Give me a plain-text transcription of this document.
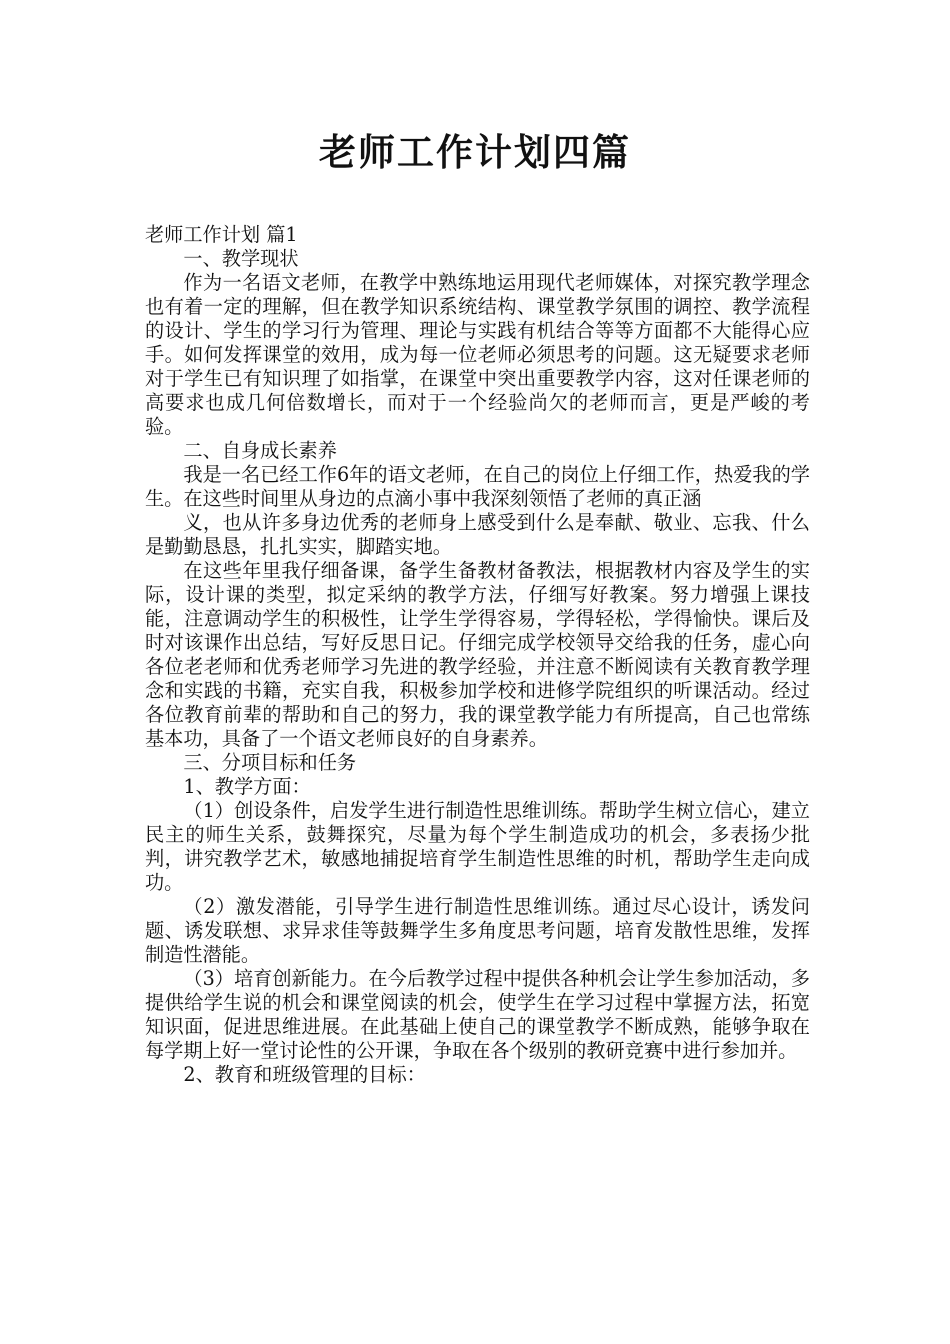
老师工作计划四篇

老师工作计划 篇1

一、教学现状

作为一名语文老师，在教学中熟练地运用现代老师媒体，对探究教学理念也有着一定的理解，但在教学知识系统结构、课堂教学氛围的调控、教学流程的设计、学生的学习行为管理、理论与实践有机结合等等方面都不大能得心应手。如何发挥课堂的效用，成为每一位老师必须思考的问题。这无疑要求老师对于学生已有知识理了如指掌，在课堂中突出重要教学内容，这对任课老师的高要求也成几何倍数增长，而对于一个经验尚欠的老师而言，更是严峻的考验。

二、自身成长素养

我是一名已经工作6年的语文老师，在自己的岗位上仔细工作，热爱我的学生。在这些时间里从身边的点滴小事中我深刻领悟了老师的真正涵

义，也从许多身边优秀的老师身上感受到什么是奉献、敬业、忘我、什么是勤勤恳恳，扎扎实实，脚踏实地。

在这些年里我仔细备课，备学生备教材备教法，根据教材内容及学生的实际，设计课的类型，拟定采纳的教学方法，仔细写好教案。努力增强上课技能，注意调动学生的积极性，让学生学得容易，学得轻松，学得愉快。课后及时对该课作出总结，写好反思日记。仔细完成学校领导交给我的任务，虚心向各位老老师和优秀老师学习先进的教学经验，并注意不断阅读有关教育教学理念和实践的书籍，充实自我，积极参加学校和进修学院组织的听课活动。经过各位教育前辈的帮助和自己的努力，我的课堂教学能力有所提高，自己也常练基本功，具备了一个语文老师良好的自身素养。

三、分项目标和任务

1、教学方面：

（1）创设条件，启发学生进行制造性思维训练。帮助学生树立信心，建立民主的师生关系，鼓舞探究，尽量为每个学生制造成功的机会，多表扬少批判，讲究教学艺术，敏感地捕捉培育学生制造性思维的时机，帮助学生走向成功。

（2）激发潜能，引导学生进行制造性思维训练。通过尽心设计，诱发问题、诱发联想、求异求佳等鼓舞学生多角度思考问题，培育发散性思维，发挥制造性潜能。

（3）培育创新能力。在今后教学过程中提供各种机会让学生参加活动，多提供给学生说的机会和课堂阅读的机会，使学生在学习过程中掌握方法，拓宽知识面，促进思维进展。在此基础上使自己的课堂教学不断成熟，能够争取在每学期上好一堂讨论性的公开课，争取在各个级别的教研竞赛中进行参加并。

2、教育和班级管理的目标：
